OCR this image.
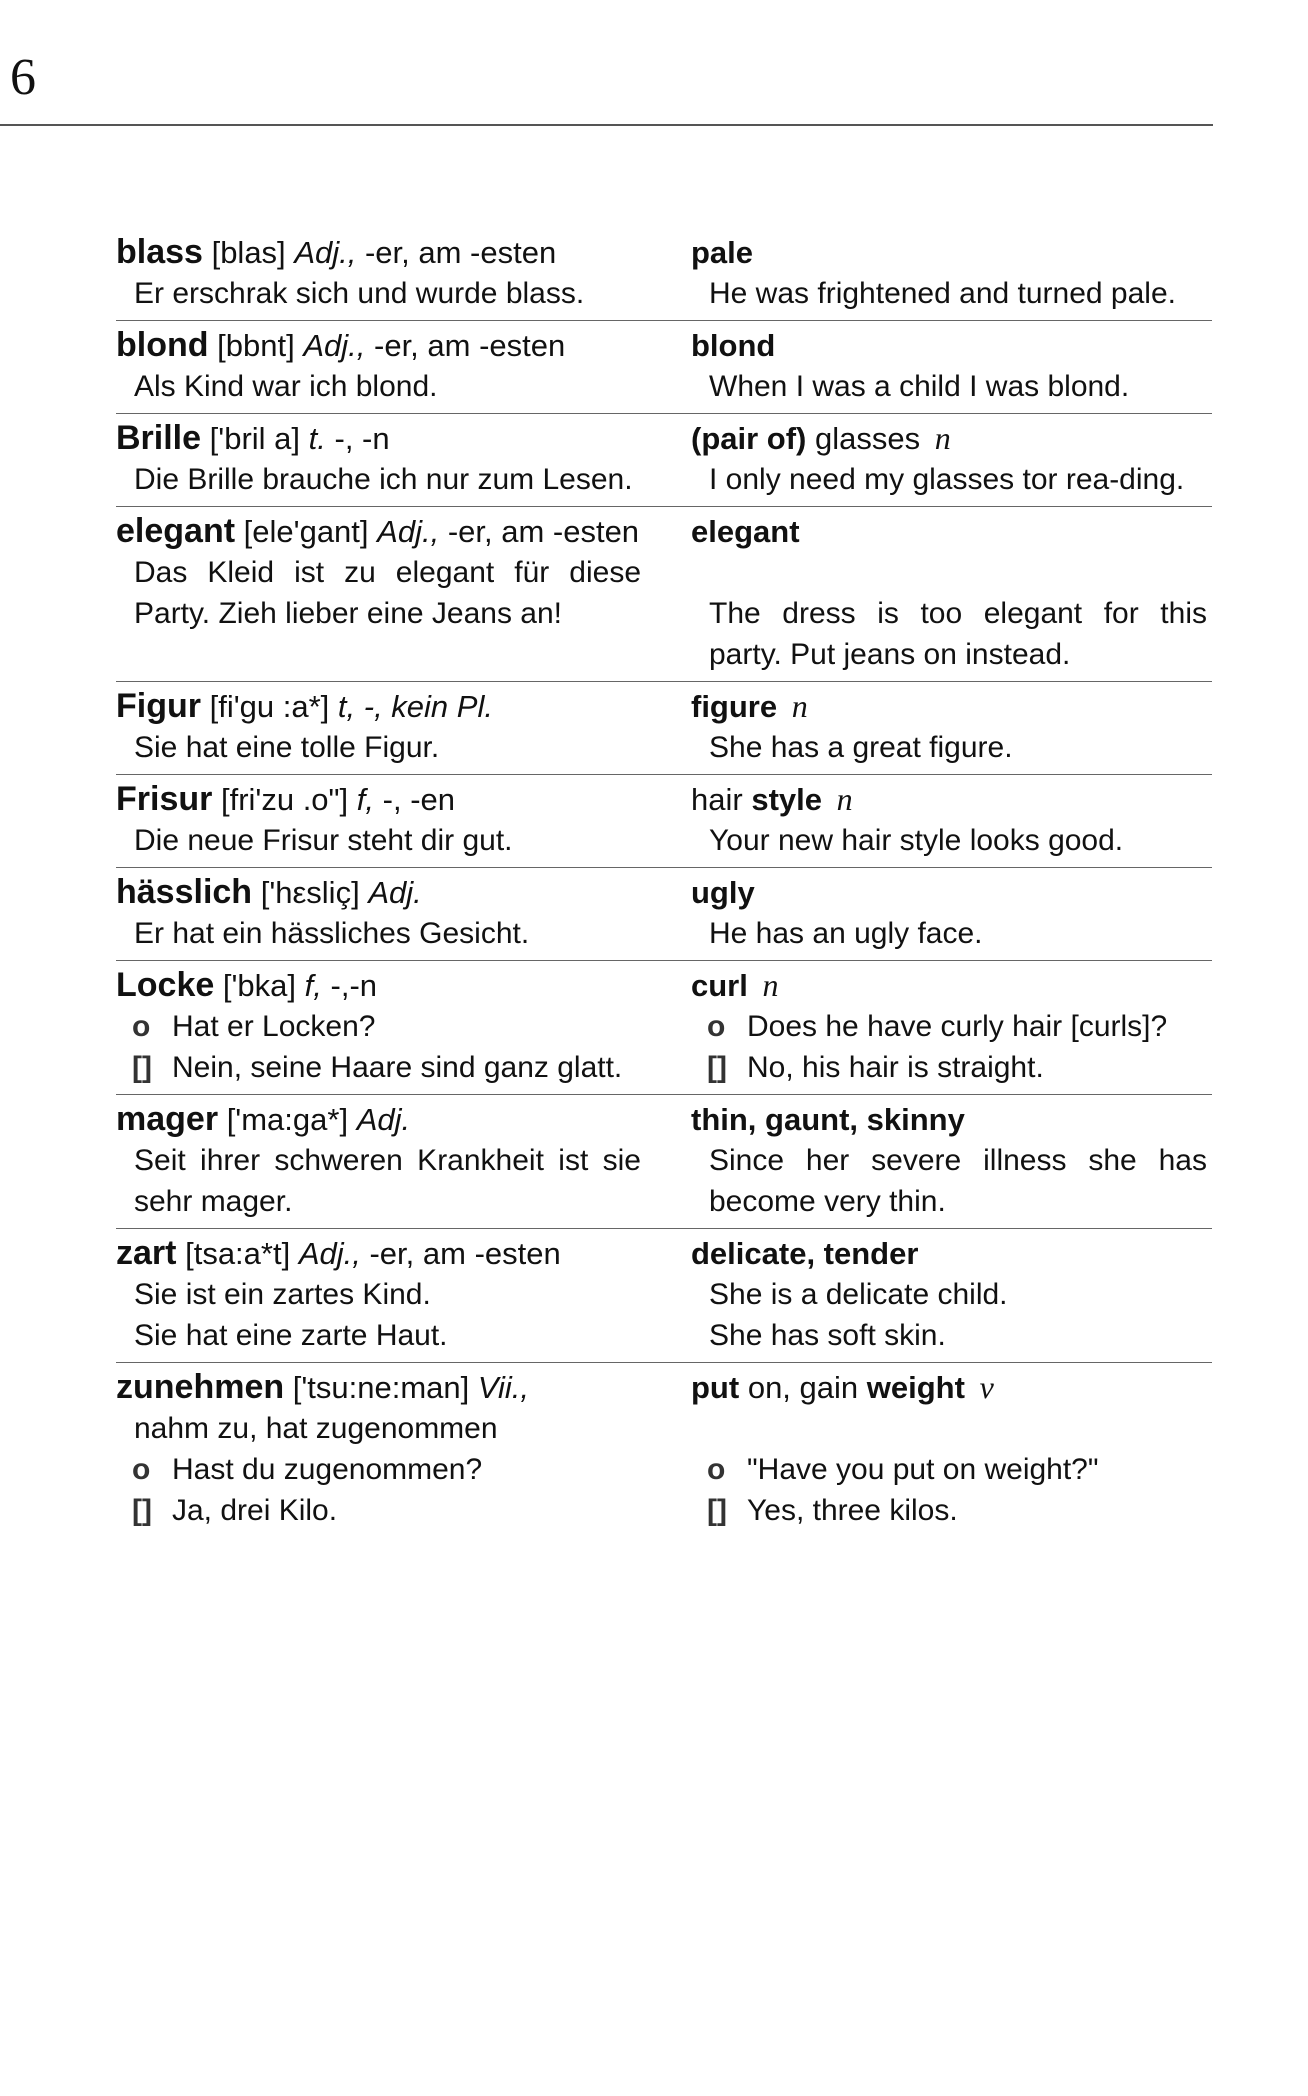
6
blass [blas] Adj., -er, am -esten
Er erschrak sich und wurde blass.
pale
He was frightened and turned pale.
blond [bbnt] Adj., -er, am -esten
Als Kind war ich blond.
blond
When I was a child I was blond.
Brille ['bril a] t. -, -n
Die Brille brauche ich nur zum Lesen.
(pair of) glasses n
I only need my glasses tor rea-ding.
elegant [ele'gant] Adj., -er, am -esten
Das Kleid ist zu elegant für diese Party. Zieh lieber eine Jeans an!
elegant
The dress is too elegant for this party. Put jeans on instead.
Figur [fi'gu :a*] t, -, kein Pl.
Sie hat eine tolle Figur.
figure n
She has a great figure.
Frisur [fri'zu .o"] f, -, -en
Die neue Frisur steht dir gut.
hair style n
Your new hair style looks good.
hässlich ['hεsliç] Adj.
Er hat ein hässliches Gesicht.
ugly
He has an ugly face.
Locke ['bka] f, -,-n
o Hat er Locken?
[] Nein, seine Haare sind ganz glatt.
curl n
o Does he have curly hair [curls]?
[] No, his hair is straight.
mager ['ma:ga*] Adj.
Seit ihrer schweren Krankheit ist sie sehr mager.
thin, gaunt, skinny
Since her severe illness she has become very thin.
zart [tsa:a*t] Adj., -er, am -esten
Sie ist ein zartes Kind.
Sie hat eine zarte Haut.
delicate, tender
She is a delicate child.
She has soft skin.
zunehmen ['tsu:ne:man] Vii.,
nahm zu, hat zugenommen
o Hast du zugenommen?
[] Ja, drei Kilo.
put on, gain weight v
o "Have you put on weight?"
[] Yes, three kilos.
